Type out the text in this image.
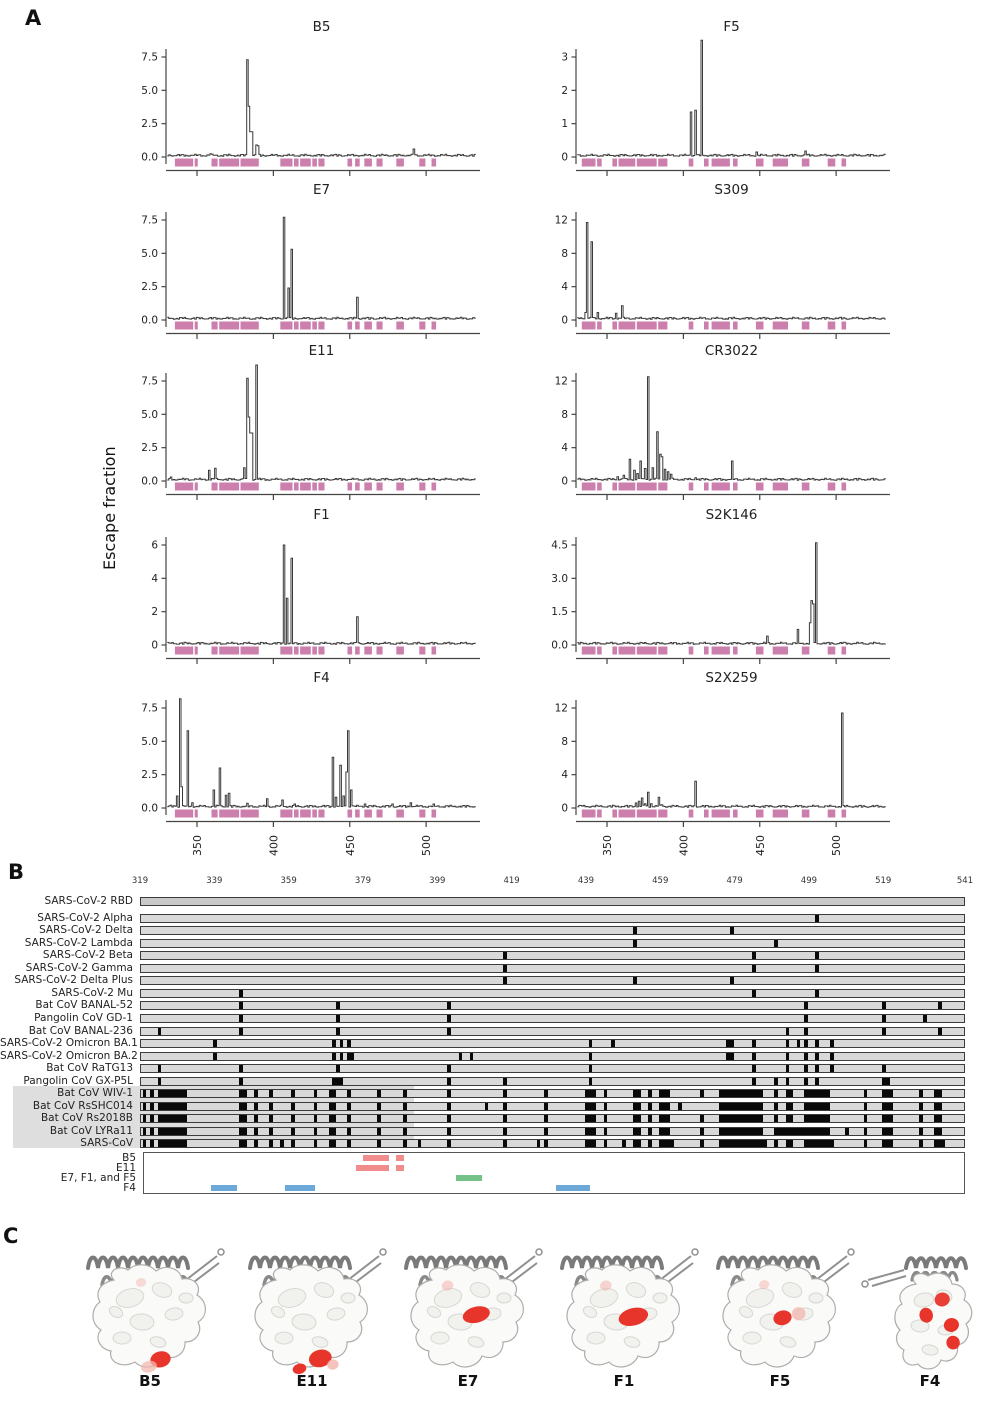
A
Escape fraction
B5
0.0
2.5
5.0
7.5
F5
0
1
2
3
E7
0.0
2.5
5.0
7.5
S309
0
4
8
12
E11
0.0
2.5
5.0
7.5
CR3022
0
4
8
12
F1
0
2
4
6
S2K146
0.0
1.5
3.0
4.5
F4
0.0
2.5
5.0
7.5
350	400	450	500
S2X259
0
4
8
12
350	400	450	500
B	319	339	359	379	399	419	439	459	479	499	519	541
SARS-CoV-2 RBD
SARS-CoV-2 Alpha
SARS-CoV-2 Delta
SARS-CoV-2 Lambda
SARS-CoV-2 Beta
SARS-CoV-2 Gamma
SARS-CoV-2 Delta Plus
SARS-CoV-2 Mu
Bat CoV BANAL-52
Pangolin CoV GD-1
Bat CoV BANAL-236
SARS-CoV-2 Omicron BA.1
SARS-CoV-2 Omicron BA.2
Bat CoV RaTG13
Pangolin CoV GX-P5L
Bat CoV WIV-1
Bat CoV RsSHC014
Bat CoV Rs2018B
Bat CoV LYRa11
SARS-CoV
B5
E11
E7, F1, and F5
F4
C
B5	E11	E7	F1	F5	F4
